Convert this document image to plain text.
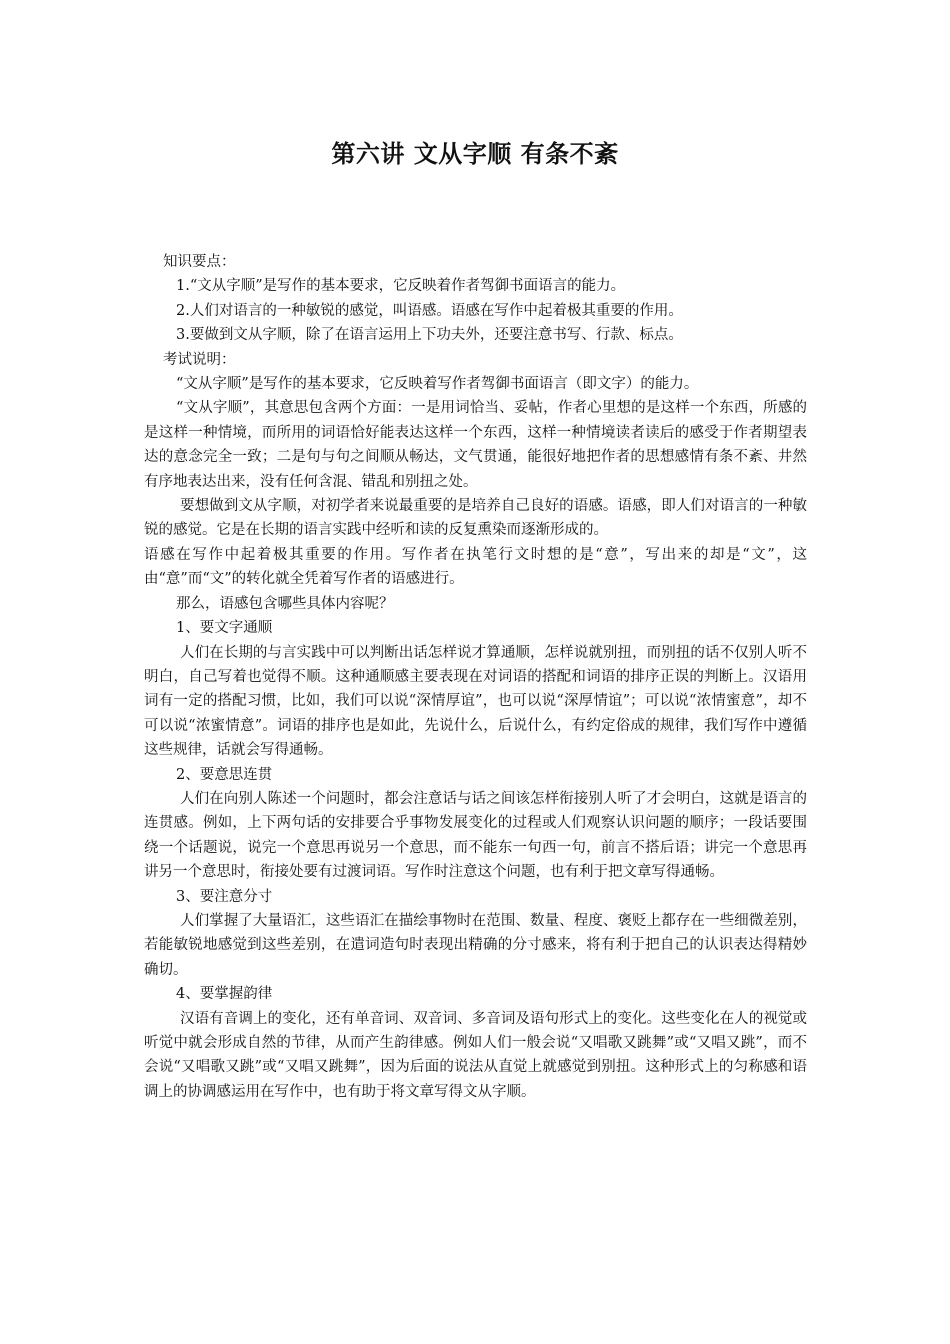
第六讲 文从字顺 有条不紊

知识要点：

1.“文从字顺”是写作的基本要求，它反映着作者驾御书面语言的能力。

2.人们对语言的一种敏锐的感觉，叫语感。语感在写作中起着极其重要的作用。

3.要做到文从字顺，除了在语言运用上下功夫外，还要注意书写、行款、标点。

考试说明：

“文从字顺”是写作的基本要求，它反映着写作者驾御书面语言（即文字）的能力。

“文从字顺”，其意思包含两个方面：一是用词恰当、妥帖，作者心里想的是这样一个东西，所感的是这样一种情境，而所用的词语恰好能表达这样一个东西，这样一种情境读者读后的感受于作者期望表达的意念完全一致；二是句与句之间顺从畅达，文气贯通，能很好地把作者的思想感情有条不紊、井然有序地表达出来，没有任何含混、错乱和别扭之处。

要想做到文从字顺，对初学者来说最重要的是培养自己良好的语感。语感，即人们对语言的一种敏锐的感觉。它是在长期的语言实践中经听和读的反复熏染而逐渐形成的。

语感在写作中起着极其重要的作用。写作者在执笔行文时想的是“意”，写出来的却是“文”，这由“意”而“文”的转化就全凭着写作者的语感进行。

那么，语感包含哪些具体内容呢？

1、要文字通顺

人们在长期的与言实践中可以判断出话怎样说才算通顺，怎样说就别扭，而别扭的话不仅别人听不明白，自己写着也觉得不顺。这种通顺感主要表现在对词语的搭配和词语的排序正误的判断上。汉语用词有一定的搭配习惯，比如，我们可以说“深情厚谊”，也可以说“深厚情谊”；可以说“浓情蜜意”，却不可以说“浓蜜情意”。词语的排序也是如此，先说什么，后说什么，有约定俗成的规律，我们写作中遵循这些规律，话就会写得通畅。

2、要意思连贯

人们在向别人陈述一个问题时，都会注意话与话之间该怎样衔接别人听了才会明白，这就是语言的连贯感。例如，上下两句话的安排要合乎事物发展变化的过程或人们观察认识问题的顺序；一段话要围绕一个话题说，说完一个意思再说另一个意思，而不能东一句西一句，前言不搭后语；讲完一个意思再讲另一个意思时，衔接处要有过渡词语。写作时注意这个问题，也有利于把文章写得通畅。

3、要注意分寸

人们掌握了大量语汇，这些语汇在描绘事物时在范围、数量、程度、褒贬上都存在一些细微差别，若能敏锐地感觉到这些差别，在遣词造句时表现出精确的分寸感来，将有利于把自己的认识表达得精妙确切。

4、要掌握韵律

汉语有音调上的变化，还有单音词、双音词、多音词及语句形式上的变化。这些变化在人的视觉或听觉中就会形成自然的节律，从而产生韵律感。例如人们一般会说“又唱歌又跳舞”或“又唱又跳”，而不会说“又唱歌又跳”或“又唱又跳舞”，因为后面的说法从直觉上就感觉到别扭。这种形式上的匀称感和语调上的协调感运用在写作中，也有助于将文章写得文从字顺。
